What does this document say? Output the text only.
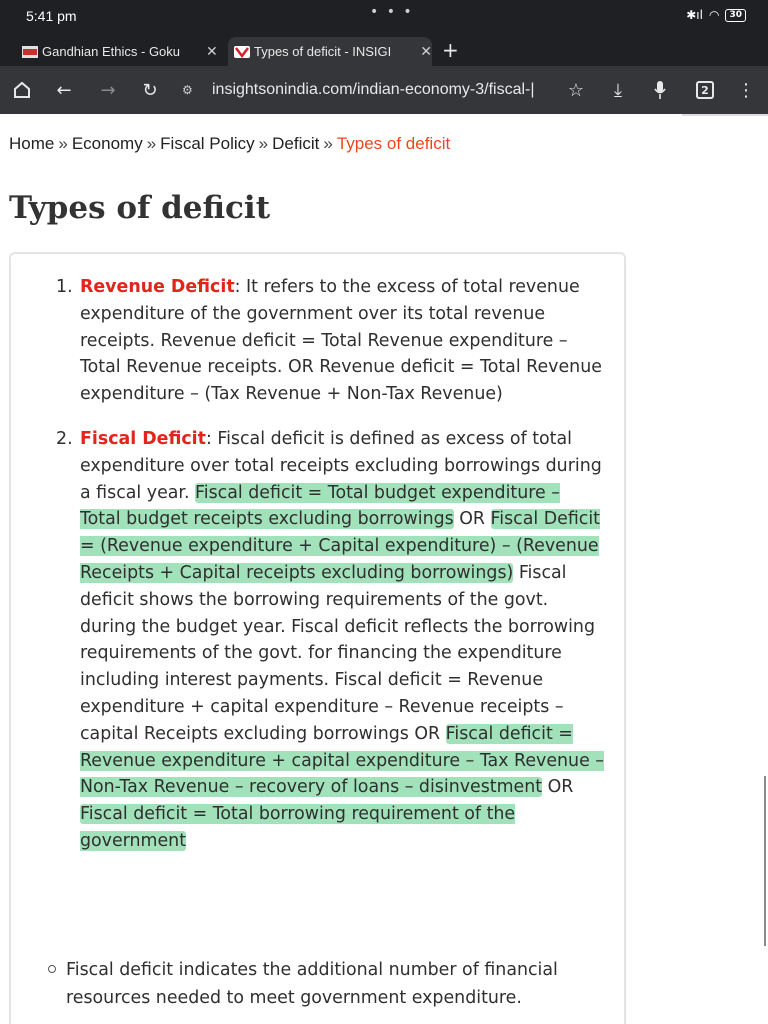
5:41 pm	• • •	✱ıl ◠	30
Gandhian Ethics - Goku	✕	Types of deficit - INSIGI	✕ +
← → ↻	⚙	insightsonindia.com/indian-economy-3/fiscal-|	☆	⤓	2 ⋮
Home » Economy » Fiscal Policy » Deficit » Types of deficit
Types of deficit
1. Revenue Deficit: It refers to the excess of total revenue expenditure of the government over its total revenue receipts. Revenue deficit = Total Revenue expenditure – Total Revenue receipts. OR Revenue deficit = Total Revenue expenditure – (Tax Revenue + Non-Tax Revenue)
2. Fiscal Deficit: Fiscal deficit is defined as excess of total expenditure over total receipts excluding borrowings during a fiscal year. Fiscal deficit = Total budget expenditure – Total budget receipts excluding borrowings OR Fiscal Deficit = (Revenue expenditure + Capital expenditure) – (Revenue Receipts + Capital receipts excluding borrowings) Fiscal deficit shows the borrowing requirements of the govt. during the budget year. Fiscal deficit reflects the borrowing requirements of the govt. for financing the expenditure including interest payments. Fiscal deficit = Revenue expenditure + capital expenditure – Revenue receipts – capital Receipts excluding borrowings OR Fiscal deficit = Revenue expenditure + capital expenditure – Tax Revenue – Non-Tax Revenue – recovery of loans – disinvestment OR Fiscal deficit = Total borrowing requirement of the government
Fiscal deficit indicates the additional number of financial resources needed to meet government expenditure.
